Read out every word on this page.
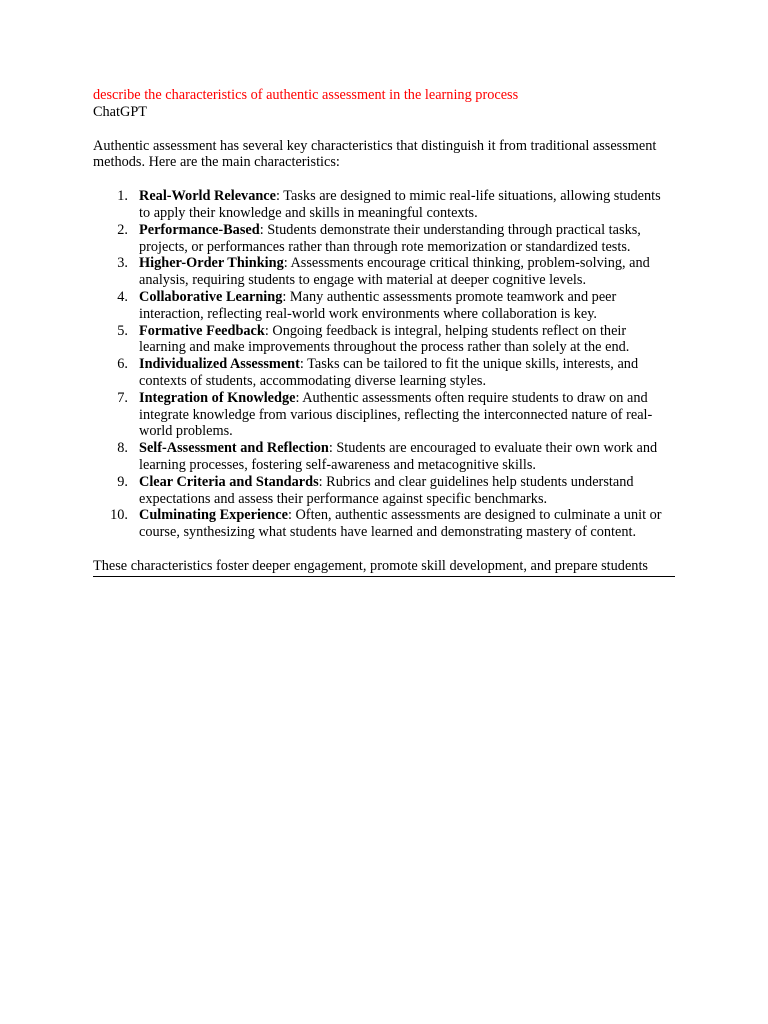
describe the characteristics of authentic assessment in the learning process
ChatGPT

Authentic assessment has several key characteristics that distinguish it from traditional assessment methods. Here are the main characteristics:

1. Real-World Relevance: Tasks are designed to mimic real-life situations, allowing students to apply their knowledge and skills in meaningful contexts.
2. Performance-Based: Students demonstrate their understanding through practical tasks, projects, or performances rather than through rote memorization or standardized tests.
3. Higher-Order Thinking: Assessments encourage critical thinking, problem-solving, and analysis, requiring students to engage with material at deeper cognitive levels.
4. Collaborative Learning: Many authentic assessments promote teamwork and peer interaction, reflecting real-world work environments where collaboration is key.
5. Formative Feedback: Ongoing feedback is integral, helping students reflect on their learning and make improvements throughout the process rather than solely at the end.
6. Individualized Assessment: Tasks can be tailored to fit the unique skills, interests, and contexts of students, accommodating diverse learning styles.
7. Integration of Knowledge: Authentic assessments often require students to draw on and integrate knowledge from various disciplines, reflecting the interconnected nature of real-world problems.
8. Self-Assessment and Reflection: Students are encouraged to evaluate their own work and learning processes, fostering self-awareness and metacognitive skills.
9. Clear Criteria and Standards: Rubrics and clear guidelines help students understand expectations and assess their performance against specific benchmarks.
10. Culminating Experience: Often, authentic assessments are designed to culminate a unit or course, synthesizing what students have learned and demonstrating mastery of content.

These characteristics foster deeper engagement, promote skill development, and prepare students
